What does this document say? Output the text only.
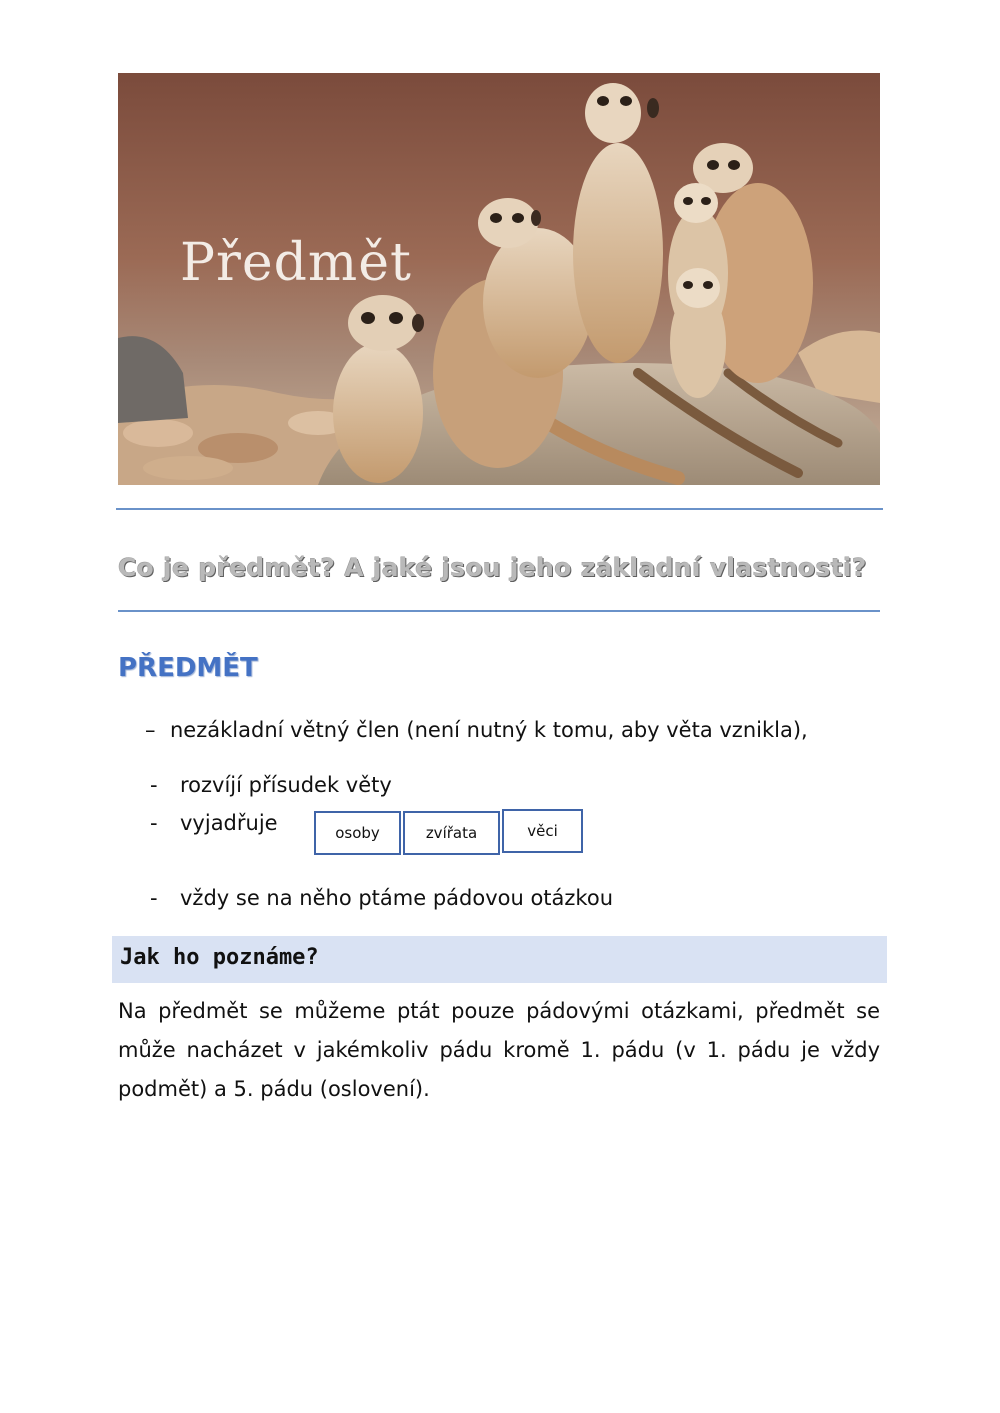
Předmět
Co je předmět? A jaké jsou jeho základní vlastnosti?
PŘEDMĚT
– nezákladní větný člen (není nutný k tomu, aby věta vznikla),
- rozvíjí přísudek věty
- vyjadřuje	osoby	zvířata	věci
- vždy se na něho ptáme pádovou otázkou
Jak ho poznáme?
Na předmět se můžeme ptát pouze pádovými otázkami, předmět se může nacházet v jakémkoliv pádu kromě 1. pádu (v 1. pádu je vždy podmět) a 5. pádu (oslovení).
